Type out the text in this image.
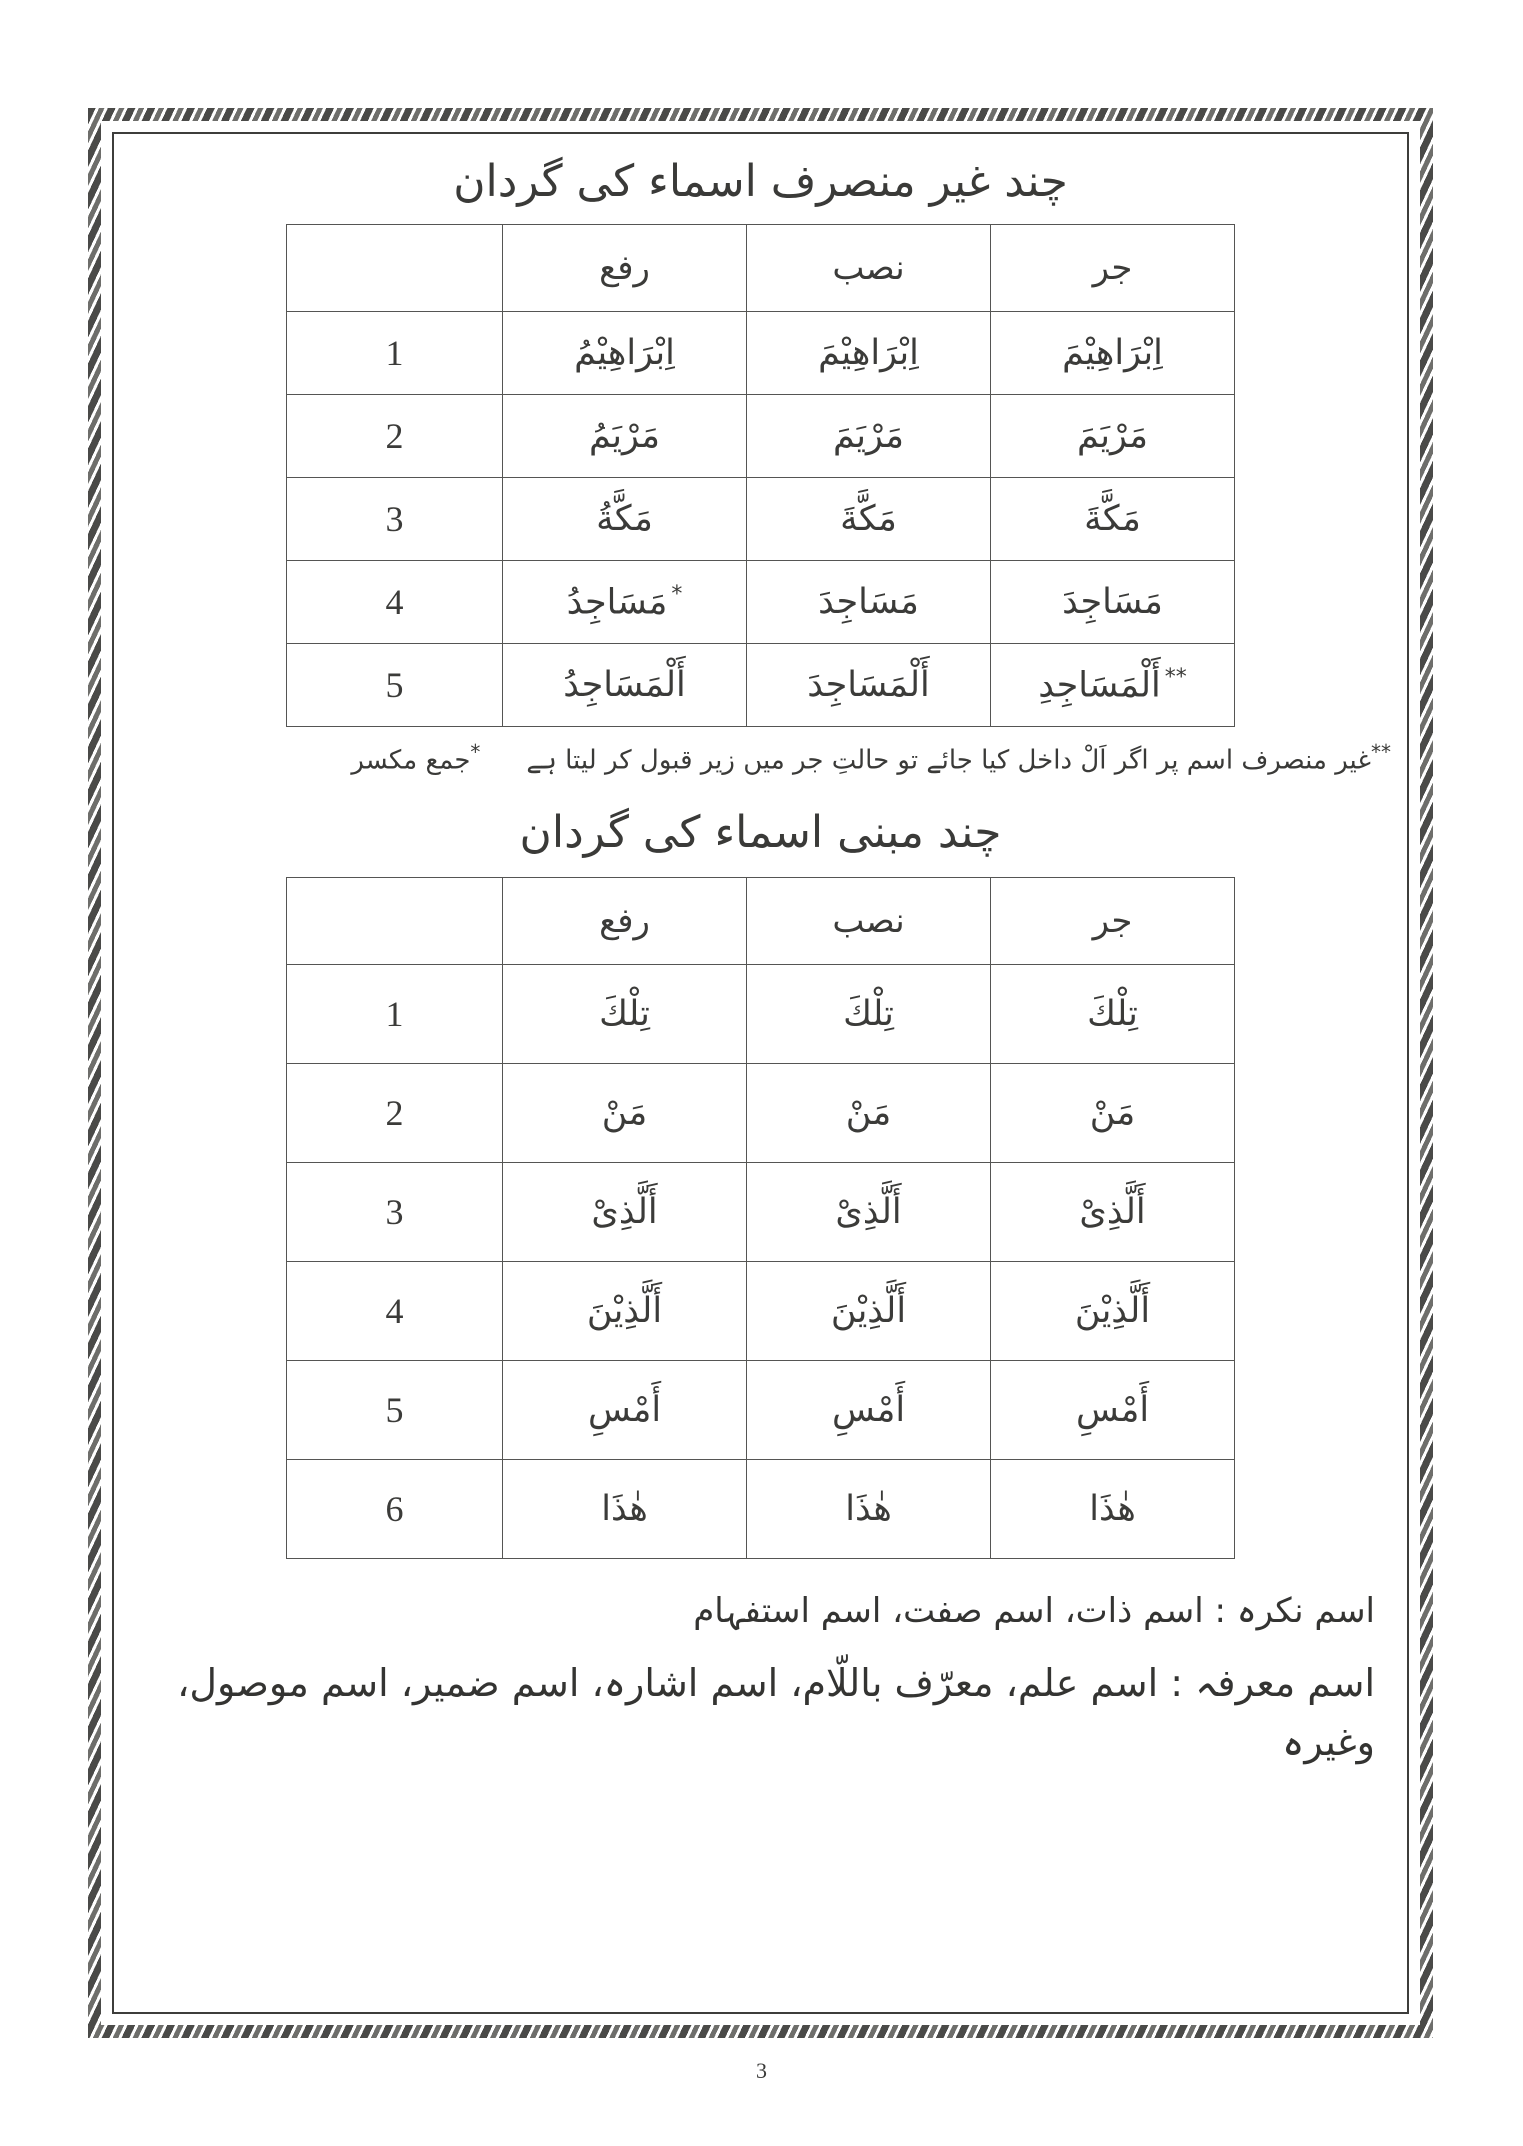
چند غیر منصرف اسماء کی گردان
جر	نصب	رفع	
اِبْرَاهِيْمَ	اِبْرَاهِيْمَ	اِبْرَاهِيْمُ	1
مَرْيَمَ	مَرْيَمَ	مَرْيَمُ	2
مَكَّةَ	مَكَّةَ	مَكَّةُ	3
مَسَاجِدَ	مَسَاجِدَ	*مَسَاجِدُ	4
**أَلْمَسَاجِدِ	أَلْمَسَاجِدَ	أَلْمَسَاجِدُ	5
**غیر منصرف اسم پر اگر اَلْ داخل کیا جائے تو حالتِ جر میں زیر قبول کر لیتا ہے
*جمع مکسر
چند مبنی اسماء کی گردان
جر	نصب	رفع	
تِلْكَ	تِلْكَ	تِلْكَ	1
مَنْ	مَنْ	مَنْ	2
أَلَّذِىْ	أَلَّذِىْ	أَلَّذِىْ	3
أَلَّذِيْنَ	أَلَّذِيْنَ	أَلَّذِيْنَ	4
أَمْسِ	أَمْسِ	أَمْسِ	5
هٰذَا	هٰذَا	هٰذَا	6

اسم نکرہ : اسم ذات، اسم صفت، اسم استفہام

اسم معرفہ : اسم علم، معرّف باللّام، اسم اشارہ، اسم ضمیر، اسم موصول، وغیرہ

3
